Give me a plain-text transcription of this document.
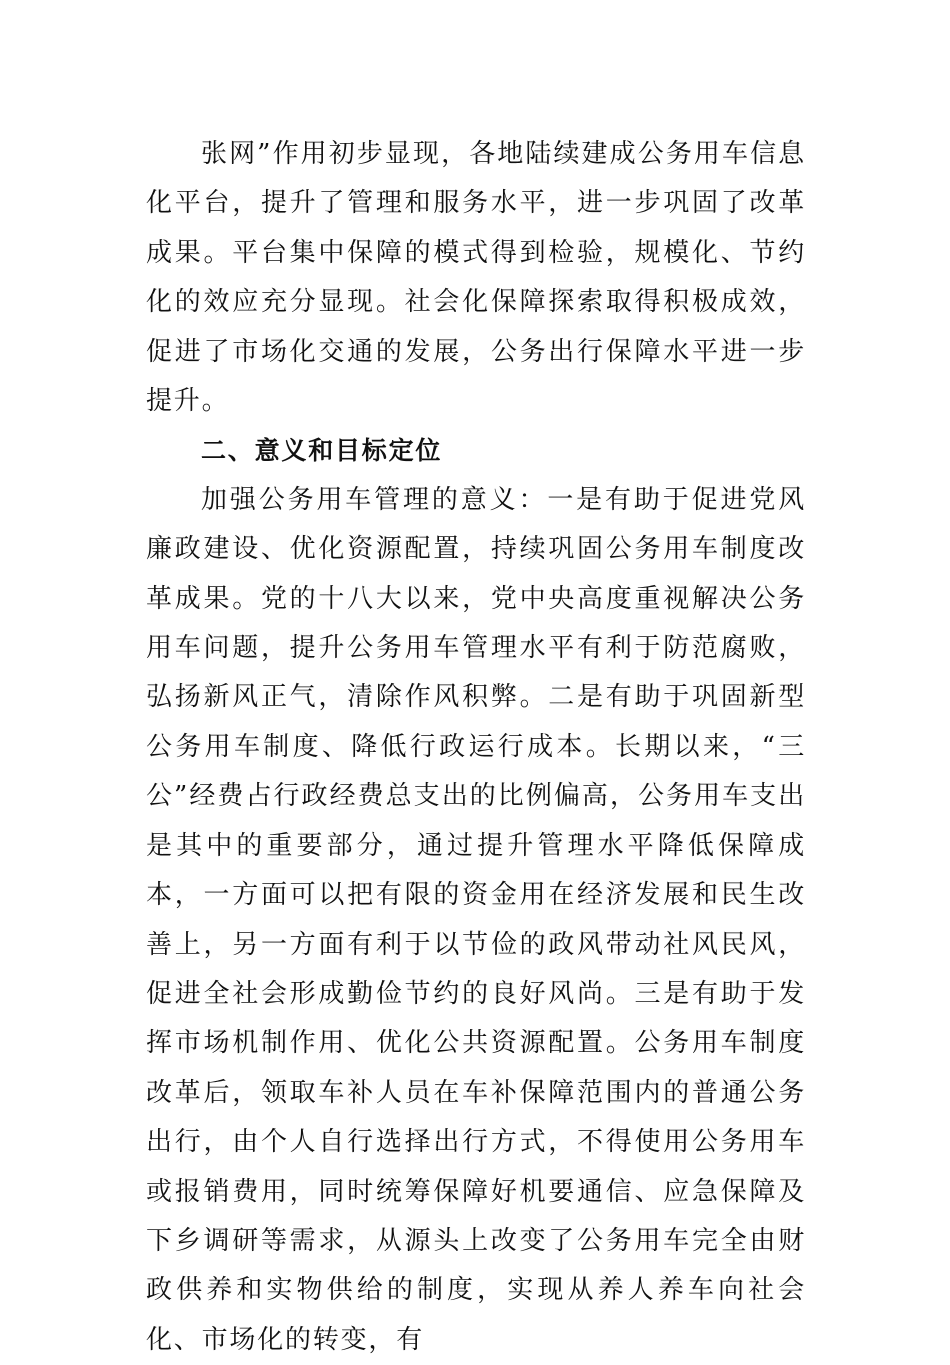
张网”作用初步显现，各地陆续建成公务用车信息化平台，提升了管理和服务水平，进一步巩固了改革成果。平台集中保障的模式得到检验，规模化、节约化的效应充分显现。社会化保障探索取得积极成效，促进了市场化交通的发展，公务出行保障水平进一步提升。

二、意义和目标定位

加强公务用车管理的意义：一是有助于促进党风廉政建设、优化资源配置，持续巩固公务用车制度改革成果。党的十八大以来，党中央高度重视解决公务用车问题，提升公务用车管理水平有利于防范腐败，弘扬新风正气，清除作风积弊。二是有助于巩固新型公务用车制度、降低行政运行成本。长期以来，“三公”经费占行政经费总支出的比例偏高，公务用车支出是其中的重要部分，通过提升管理水平降低保障成本，一方面可以把有限的资金用在经济发展和民生改善上，另一方面有利于以节俭的政风带动社风民风，促进全社会形成勤俭节约的良好风尚。三是有助于发挥市场机制作用、优化公共资源配置。公务用车制度改革后，领取车补人员在车补保障范围内的普通公务出行，由个人自行选择出行方式，不得使用公务用车或报销费用，同时统筹保障好机要通信、应急保障及下乡调研等需求，从源头上改变了公务用车完全由财政供养和实物供给的制度，实现从养人养车向社会化、市场化的转变，有
